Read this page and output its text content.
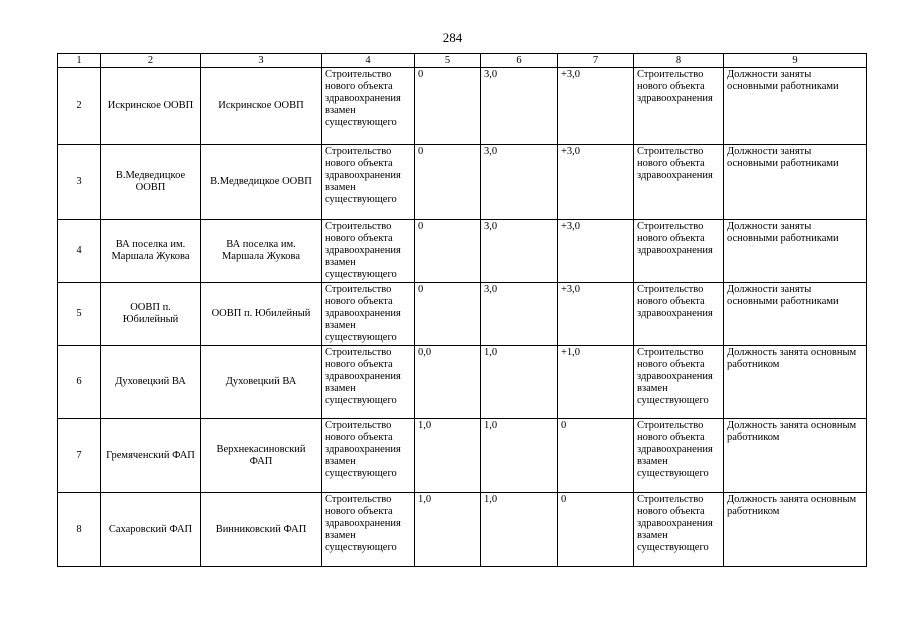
284
1	2	3	4	5	6	7	8	9
2	Искринское ООВП	Искринское ООВП	Строительство нового объекта здравоохранения взамен существующего	0	3,0	+3,0	Строительство нового объекта здравоохранения	Должности заняты основными работниками
3	В.Медведицкое ООВП	В.Медведицкое ООВП	Строительство нового объекта здравоохранения взамен существующего	0	3,0	+3,0	Строительство нового объекта здравоохранения	Должности заняты основными работниками
4	ВА поселка им. Маршала Жукова	ВА поселка им. Маршала Жукова	Строительство нового объекта здравоохранения взамен существующего	0	3,0	+3,0	Строительство нового объекта здравоохранения	Должности заняты основными работниками
5	ООВП п. Юбилейный	ООВП п. Юбилейный	Строительство нового объекта здравоохранения взамен существующего	0	3,0	+3,0	Строительство нового объекта здравоохранения	Должности заняты основными работниками
6	Духовецкий ВА	Духовецкий ВА	Строительство нового объекта здравоохранения взамен существующего	0,0	1,0	+1,0	Строительство нового объекта здравоохранения взамен существующего	Должность занята основным работником
7	Гремяченский ФАП	Верхнекасиновский ФАП	Строительство нового объекта здравоохранения взамен существующего	1,0	1,0	0	Строительство нового объекта здравоохранения взамен существующего	Должность занята основным работником
8	Сахаровский ФАП	Винниковский ФАП	Строительство нового объекта здравоохранения взамен существующего	1,0	1,0	0	Строительство нового объекта здравоохранения взамен существующего	Должность занята основным работником
